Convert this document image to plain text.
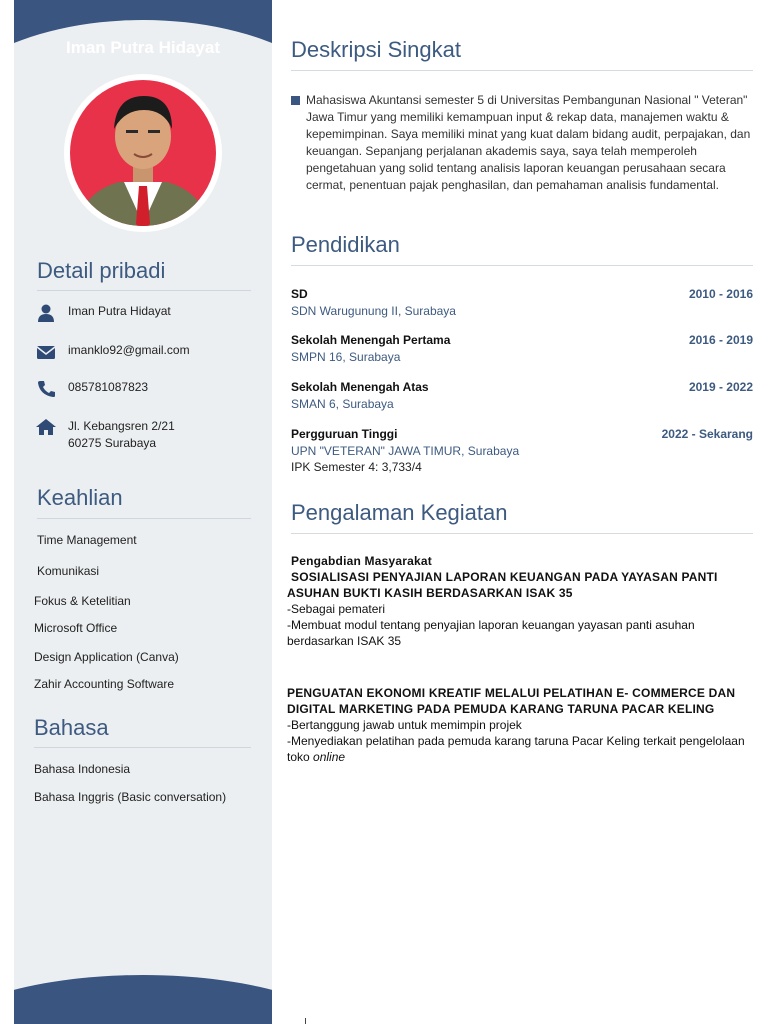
Iman Putra Hidayat
Detail pribadi
Iman Putra Hidayat
imanklo92@gmail.com
085781087823
Jl. Kebangsren 2/21
60275 Surabaya
Keahlian
Time Management
Komunikasi
Fokus & Ketelitian
Microsoft Office
Design Application (Canva)
Zahir Accounting Software
Bahasa
Bahasa Indonesia
Bahasa Inggris (Basic conversation)
Deskripsi Singkat
Mahasiswa Akuntansi semester 5 di Universitas Pembangunan Nasional " Veteran" Jawa Timur yang memiliki kemampuan input & rekap data, manajemen waktu & kepemimpinan. Saya memiliki minat yang kuat dalam bidang audit, perpajakan, dan keuangan. Sepanjang perjalanan akademis saya, saya telah memperoleh pengetahuan yang solid tentang analisis laporan keuangan perusahaan secara cermat, penentuan pajak penghasilan, dan pemahaman analisis fundamental.
Pendidikan
SD	2010 - 2016
SDN Warugunung II, Surabaya
Sekolah Menengah Pertama	2016 - 2019
SMPN 16, Surabaya
Sekolah Menengah Atas	2019 - 2022
SMAN 6, Surabaya
Pergguruan Tinggi	2022 - Sekarang
UPN "VETERAN" JAWA TIMUR, Surabaya
IPK Semester 4: 3,733/4
Pengalaman Kegiatan
Pengabdian Masyarakat
SOSIALISASI PENYAJIAN LAPORAN KEUANGAN PADA YAYASAN PANTI
ASUHAN BUKTI KASIH BERDASARKAN ISAK 35
-Sebagai pemateri
-Membuat modul tentang penyajian laporan keuangan yayasan panti asuhan berdasarkan ISAK 35
PENGUATAN EKONOMI KREATIF MELALUI PELATIHAN E- COMMERCE DAN DIGITAL MARKETING PADA PEMUDA KARANG TARUNA PACAR KELING
-Bertanggung jawab untuk memimpin projek
-Menyediakan pelatihan pada pemuda karang taruna Pacar Keling terkait pengelolaan toko online
